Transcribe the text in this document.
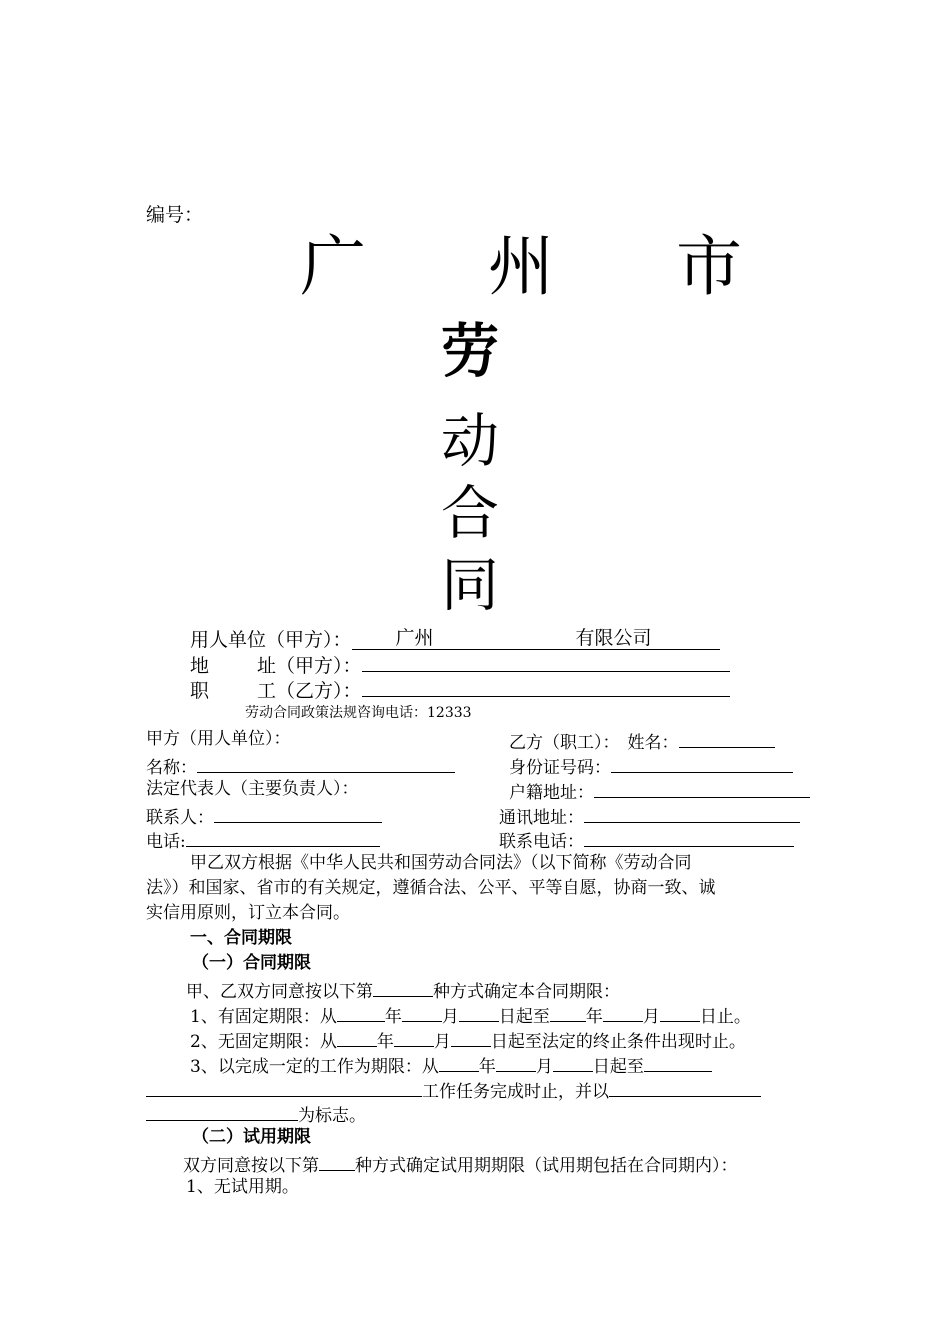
编号：
广 州 市
劳
动
合
同
用人单位（甲方）： 广州	有限公司
地	址（甲方）：
职	工（乙方）：
劳动合同政策法规咨询电话：12333
甲方（用人单位）：	乙方（职工）： 姓名：
名称：	身份证号码：
法定代表人（主要负责人）：	户籍地址：
联系人：	通讯地址：
电话:	联系电话：
甲乙双方根据《中华人民共和国劳动合同法》（以下简称《劳动合同
法》）和国家、省市的有关规定，遵循合法、公平、平等自愿，协商一致、诚
实信用原则，订立本合同。
一、合同期限
（一）合同期限
甲、乙双方同意按以下第	种方式确定本合同期限：
1、有固定期限：从	年 月 日起至 年 月 日止。
2、无固定期限：从 年 月 日起至法定的终止条件出现时止。
3、以完成一定的工作为期限：从 年 月 日起至
工作任务完成时止，并以
为标志。
（二）试用期限
双方同意按以下第 种方式确定试用期期限（试用期包括在合同期内）：
1、无试用期。
